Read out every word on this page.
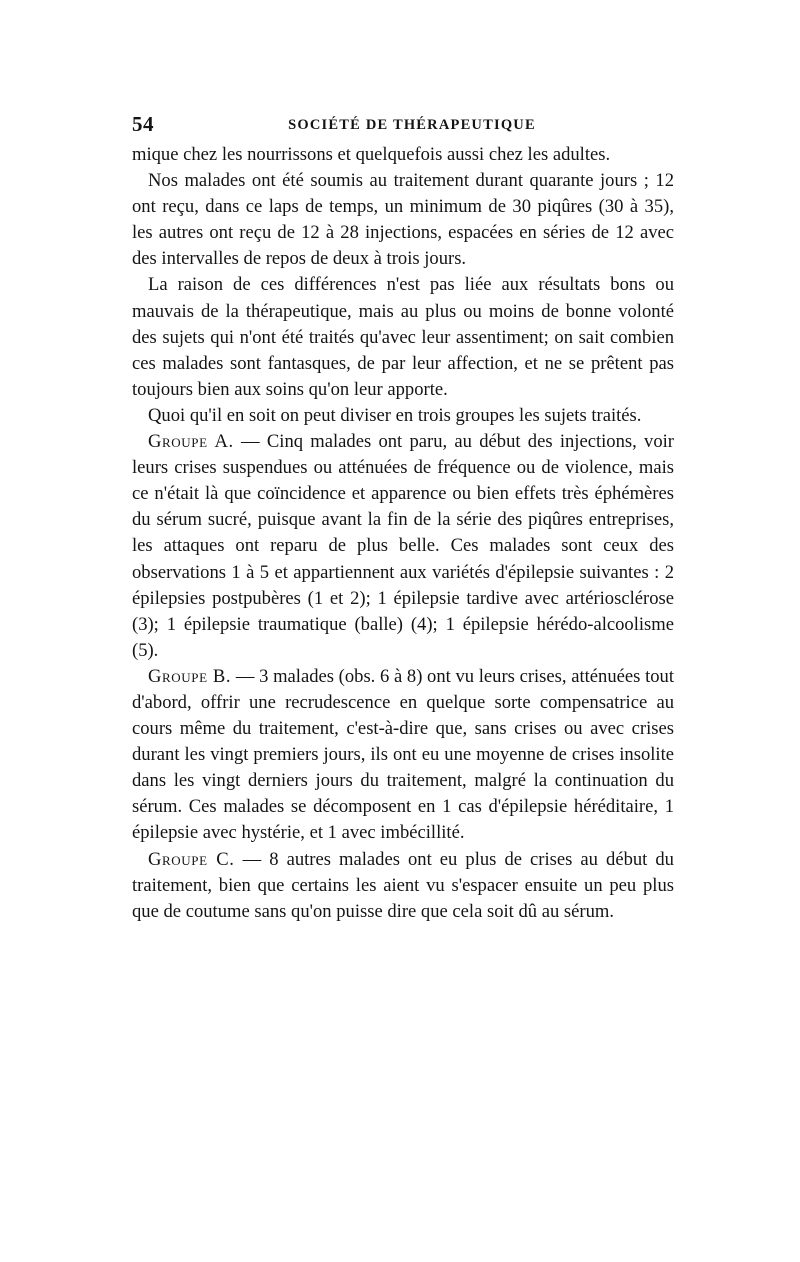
54	SOCIÉTÉ DE THÉRAPEUTIQUE

mique chez les nourrissons et quelquefois aussi chez les adultes.

Nos malades ont été soumis au traitement durant quarante jours ; 12 ont reçu, dans ce laps de temps, un minimum de 30 piqûres (30 à 35), les autres ont reçu de 12 à 28 injections, espacées en séries de 12 avec des intervalles de repos de deux à trois jours.

La raison de ces différences n'est pas liée aux résultats bons ou mauvais de la thérapeutique, mais au plus ou moins de bonne volonté des sujets qui n'ont été traités qu'avec leur assentiment; on sait combien ces malades sont fantasques, de par leur affection, et ne se prêtent pas toujours bien aux soins qu'on leur apporte.

Quoi qu'il en soit on peut diviser en trois groupes les sujets traités.

Groupe A. — Cinq malades ont paru, au début des injections, voir leurs crises suspendues ou atténuées de fréquence ou de violence, mais ce n'était là que coïncidence et apparence ou bien effets très éphémères du sérum sucré, puisque avant la fin de la série des piqûres entreprises, les attaques ont reparu de plus belle. Ces malades sont ceux des observations 1 à 5 et appartiennent aux variétés d'épilepsie suivantes : 2 épilepsies postpubères (1 et 2); 1 épilepsie tardive avec artériosclérose (3); 1 épilepsie traumatique (balle) (4); 1 épilepsie hérédo-alcoolisme (5).

Groupe B. — 3 malades (obs. 6 à 8) ont vu leurs crises, atténuées tout d'abord, offrir une recrudescence en quelque sorte compensatrice au cours même du traitement, c'est-à-dire que, sans crises ou avec crises durant les vingt premiers jours, ils ont eu une moyenne de crises insolite dans les vingt derniers jours du traitement, malgré la continuation du sérum. Ces malades se décomposent en 1 cas d'épilepsie héréditaire, 1 épilepsie avec hystérie, et 1 avec imbécillité.

Groupe C. — 8 autres malades ont eu plus de crises au début du traitement, bien que certains les aient vu s'espacer ensuite un peu plus que de coutume sans qu'on puisse dire que cela soit dû au sérum.
